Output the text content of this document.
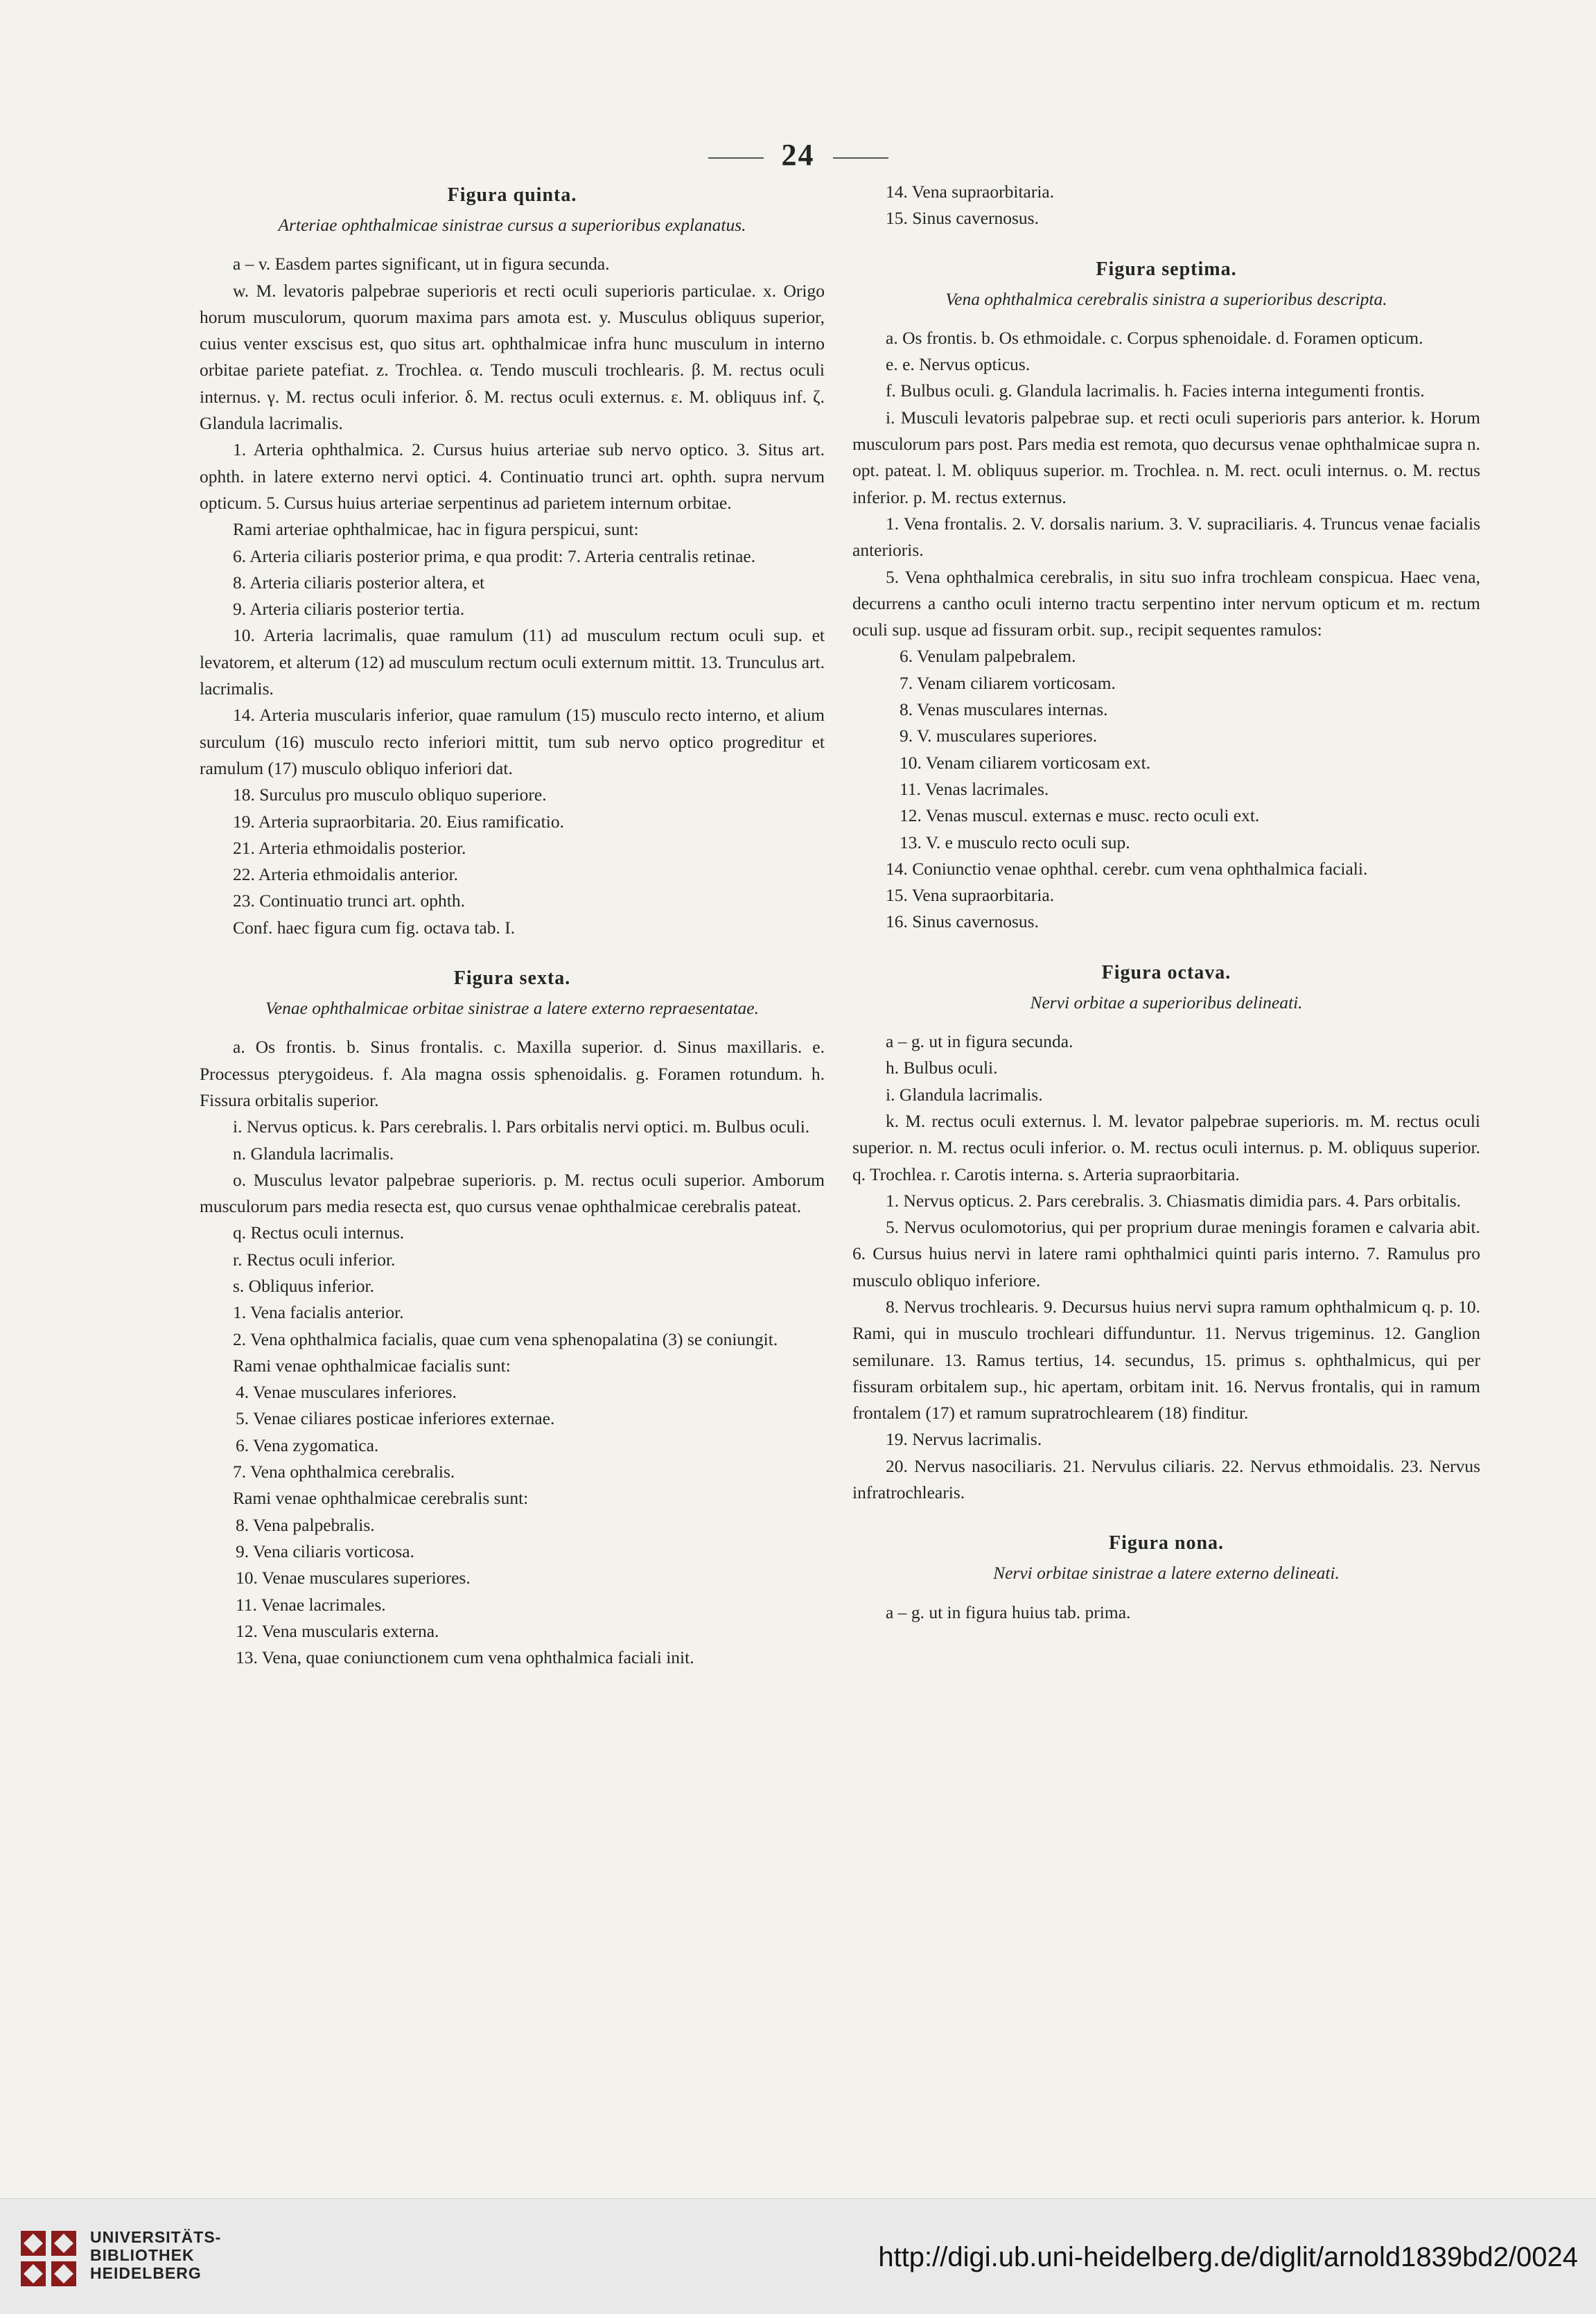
24
Figura quinta.

Arteriae ophthalmicae sinistrae cursus a superioribus explanatus.

a – v. Easdem partes significant, ut in figura secunda.

w. M. levatoris palpebrae superioris et recti oculi superioris particulae. x. Origo horum musculorum, quorum maxima pars amota est. y. Musculus obliquus superior, cuius venter exscisus est, quo situs art. ophthalmicae infra hunc musculum in interno orbitae pariete patefiat. z. Trochlea. α. Tendo musculi trochlearis. β. M. rectus oculi internus. γ. M. rectus oculi inferior. δ. M. rectus oculi externus. ε. M. obliquus inf. ζ. Glandula lacrimalis.

1. Arteria ophthalmica. 2. Cursus huius arteriae sub nervo optico. 3. Situs art. ophth. in latere externo nervi optici. 4. Continuatio trunci art. ophth. supra nervum opticum. 5. Cursus huius arteriae serpentinus ad parietem internum orbitae.

Rami arteriae ophthalmicae, hac in figura perspicui, sunt:

6. Arteria ciliaris posterior prima, e qua prodit: 7. Arteria centralis retinae.

8. Arteria ciliaris posterior altera, et

9. Arteria ciliaris posterior tertia.

10. Arteria lacrimalis, quae ramulum (11) ad musculum rectum oculi sup. et levatorem, et alterum (12) ad musculum rectum oculi externum mittit. 13. Trunculus art. lacrimalis.

14. Arteria muscularis inferior, quae ramulum (15) musculo recto interno, et alium surculum (16) musculo recto inferiori mittit, tum sub nervo optico progreditur et ramulum (17) musculo obliquo inferiori dat.

18. Surculus pro musculo obliquo superiore.

19. Arteria supraorbitaria. 20. Eius ramificatio.

21. Arteria ethmoidalis posterior.

22. Arteria ethmoidalis anterior.

23. Continuatio trunci art. ophth.

Conf. haec figura cum fig. octava tab. I.

Figura sexta.

Venae ophthalmicae orbitae sinistrae a latere externo repraesentatae.

a. Os frontis. b. Sinus frontalis. c. Maxilla superior. d. Sinus maxillaris. e. Processus pterygoideus. f. Ala magna ossis sphenoidalis. g. Foramen rotundum. h. Fissura orbitalis superior.

i. Nervus opticus. k. Pars cerebralis. l. Pars orbitalis nervi optici. m. Bulbus oculi.

n. Glandula lacrimalis.

o. Musculus levator palpebrae superioris. p. M. rectus oculi superior. Amborum musculorum pars media resecta est, quo cursus venae ophthalmicae cerebralis pateat.

q. Rectus oculi internus.

r. Rectus oculi inferior.

s. Obliquus inferior.

1. Vena facialis anterior.

2. Vena ophthalmica facialis, quae cum vena sphenopalatina (3) se coniungit.

Rami venae ophthalmicae facialis sunt:

4. Venae musculares inferiores.

5. Venae ciliares posticae inferiores externae.

6. Vena zygomatica.

7. Vena ophthalmica cerebralis.

Rami venae ophthalmicae cerebralis sunt:

8. Vena palpebralis.

9. Vena ciliaris vorticosa.

10. Venae musculares superiores.

11. Venae lacrimales.

12. Vena muscularis externa.

13. Vena, quae coniunctionem cum vena ophthalmica faciali init.

14. Vena supraorbitaria.

15. Sinus cavernosus.

Figura septima.

Vena ophthalmica cerebralis sinistra a superioribus descripta.

a. Os frontis. b. Os ethmoidale. c. Corpus sphenoidale. d. Foramen opticum.

e. e. Nervus opticus.

f. Bulbus oculi. g. Glandula lacrimalis. h. Facies interna integumenti frontis.

i. Musculi levatoris palpebrae sup. et recti oculi superioris pars anterior. k. Horum musculorum pars post. Pars media est remota, quo decursus venae ophthalmicae supra n. opt. pateat. l. M. obliquus superior. m. Trochlea. n. M. rect. oculi internus. o. M. rectus inferior. p. M. rectus externus.

1. Vena frontalis. 2. V. dorsalis narium. 3. V. supraciliaris. 4. Truncus venae facialis anterioris.

5. Vena ophthalmica cerebralis, in situ suo infra trochleam conspicua. Haec vena, decurrens a cantho oculi interno tractu serpentino inter nervum opticum et m. rectum oculi sup. usque ad fissuram orbit. sup., recipit sequentes ramulos:

6. Venulam palpebralem.

7. Venam ciliarem vorticosam.

8. Venas musculares internas.

9. V. musculares superiores.

10. Venam ciliarem vorticosam ext.

11. Venas lacrimales.

12. Venas muscul. externas e musc. recto oculi ext.

13. V. e musculo recto oculi sup.

14. Coniunctio venae ophthal. cerebr. cum vena ophthalmica faciali.

15. Vena supraorbitaria.

16. Sinus cavernosus.

Figura octava.

Nervi orbitae a superioribus delineati.

a – g. ut in figura secunda.

h. Bulbus oculi.

i. Glandula lacrimalis.

k. M. rectus oculi externus. l. M. levator palpebrae superioris. m. M. rectus oculi superior. n. M. rectus oculi inferior. o. M. rectus oculi internus. p. M. obliquus superior. q. Trochlea. r. Carotis interna. s. Arteria supraorbitaria.

1. Nervus opticus. 2. Pars cerebralis. 3. Chiasmatis dimidia pars. 4. Pars orbitalis.

5. Nervus oculomotorius, qui per proprium durae meningis foramen e calvaria abit. 6. Cursus huius nervi in latere rami ophthalmici quinti paris interno. 7. Ramulus pro musculo obliquo inferiore.

8. Nervus trochlearis. 9. Decursus huius nervi supra ramum ophthalmicum q. p. 10. Rami, qui in musculo trochleari diffunduntur. 11. Nervus trigeminus. 12. Ganglion semilunare. 13. Ramus tertius, 14. secundus, 15. primus s. ophthalmicus, qui per fissuram orbitalem sup., hic apertam, orbitam init. 16. Nervus frontalis, qui in ramum frontalem (17) et ramum supratrochlearem (18) finditur.

19. Nervus lacrimalis.

20. Nervus nasociliaris. 21. Nervulus ciliaris. 22. Nervus ethmoidalis. 23. Nervus infratrochlearis.

Figura nona.

Nervi orbitae sinistrae a latere externo delineati.

a – g. ut in figura huius tab. prima.

UNIVERSITÄTS-
BIBLIOTHEK
HEIDELBERG
http://digi.ub.uni-heidelberg.de/diglit/arnold1839bd2/0024
